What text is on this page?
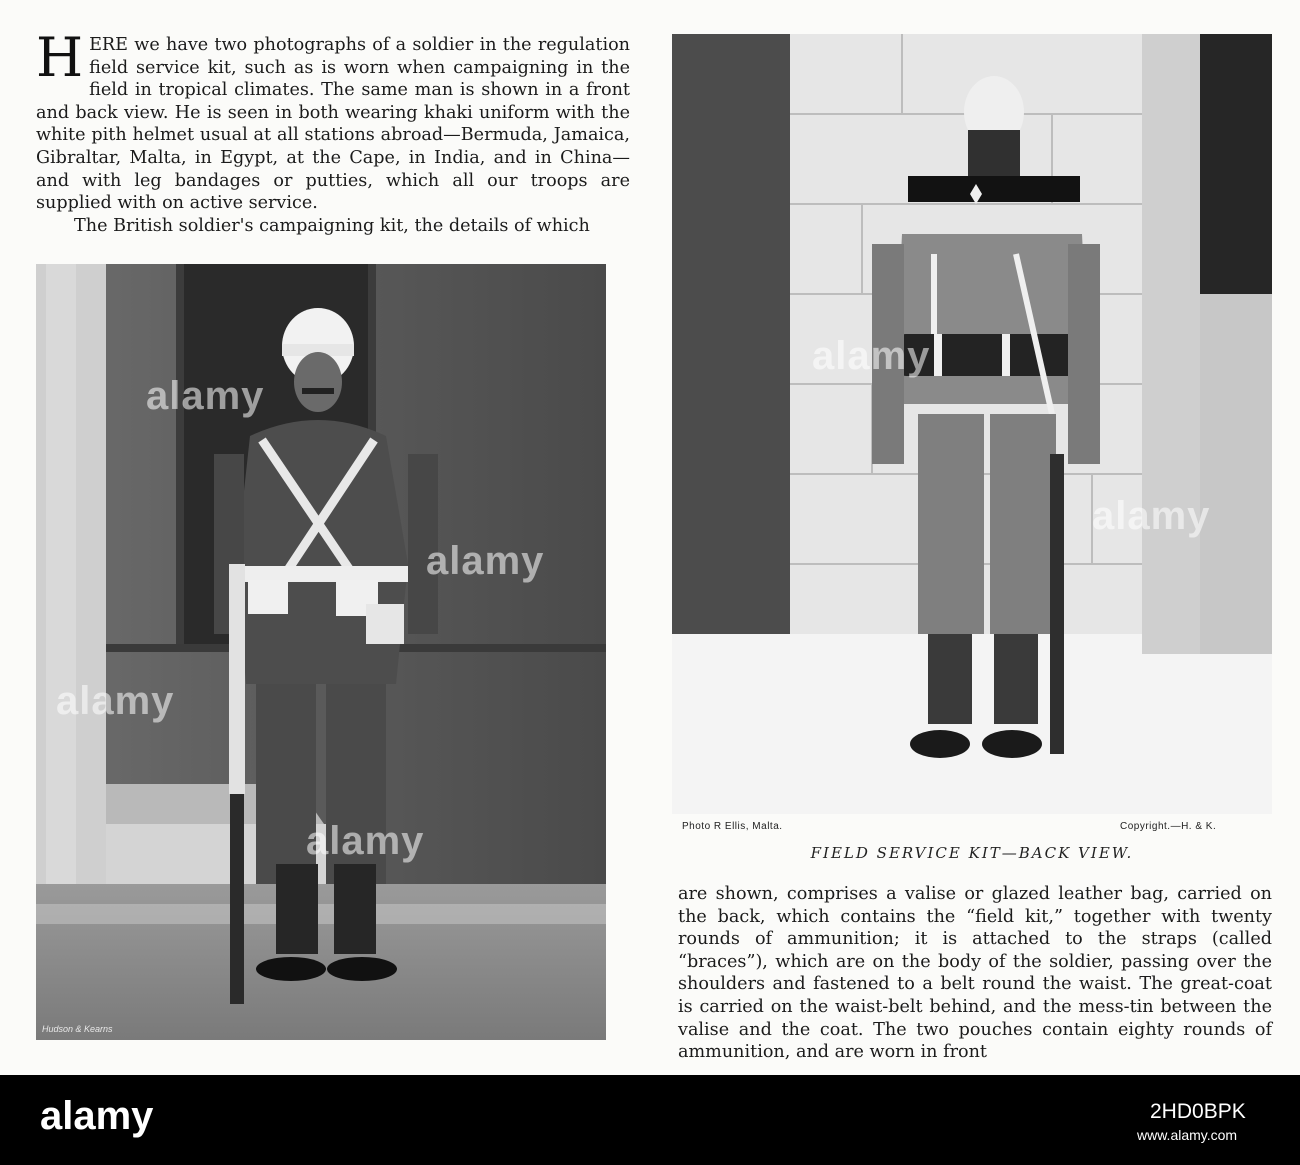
HERE we have two photographs of a soldier in the regulation field service kit, such as is worn when campaigning in the field in tropical climates. The same man is shown in a front and back view. He is seen in both wearing khaki uniform with the white pith helmet usual at all stations abroad—Bermuda, Jamaica, Gibraltar, Malta, in Egypt, at the Cape, in India, and in China—and with leg bandages or putties, which all our troops are supplied with on active service.

The British soldier's campaigning kit, the details of which

alamy
alamy
alamy
alamy
Hudson & Kearns
alamy
alamy
Photo R Ellis, Malta.	Copyright.—H. & K.
FIELD SERVICE KIT—BACK VIEW.

are shown, comprises a valise or glazed leather bag, carried on the back, which contains the “field kit,” together with twenty rounds of ammunition; it is attached to the straps (called “braces”), which are on the body of the soldier, passing over the shoulders and fastened to a belt round the waist. The great-coat is carried on the waist-belt behind, and the mess-tin between the valise and the coat. The two pouches contain eighty rounds of ammunition, and are worn in front

alamy	2HD0BPK
www.alamy.com
